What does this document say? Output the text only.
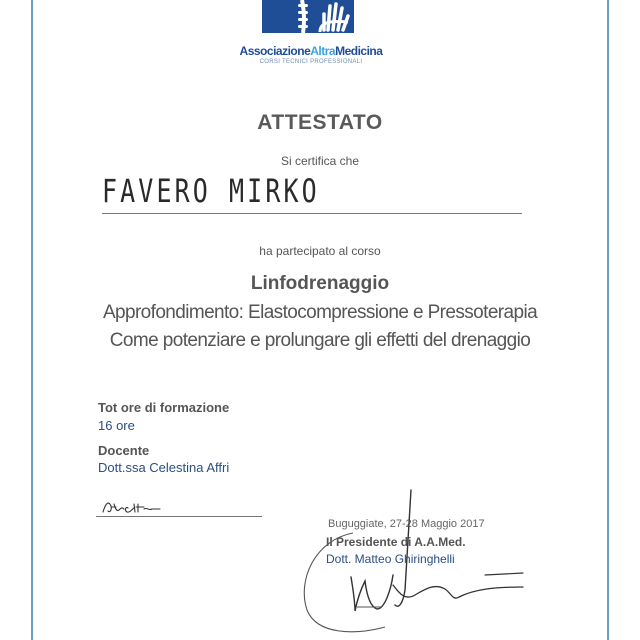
AssociazioneAltraMedicina
CORSI TECNICI PROFESSIONALI
ATTESTATO
Si certifica che
FAVERO MIRKO
ha partecipato al corso
Linfodrenaggio
Approfondimento: Elastocompressione e Pressoterapia
Come potenziare e prolungare gli effetti del drenaggio
Tot ore di formazione
16 ore
Docente
Dott.ssa Celestina Affri
Buguggiate, 27-28 Maggio 2017
Il Presidente di A.A.Med.
Dott. Matteo Ghiringhelli
